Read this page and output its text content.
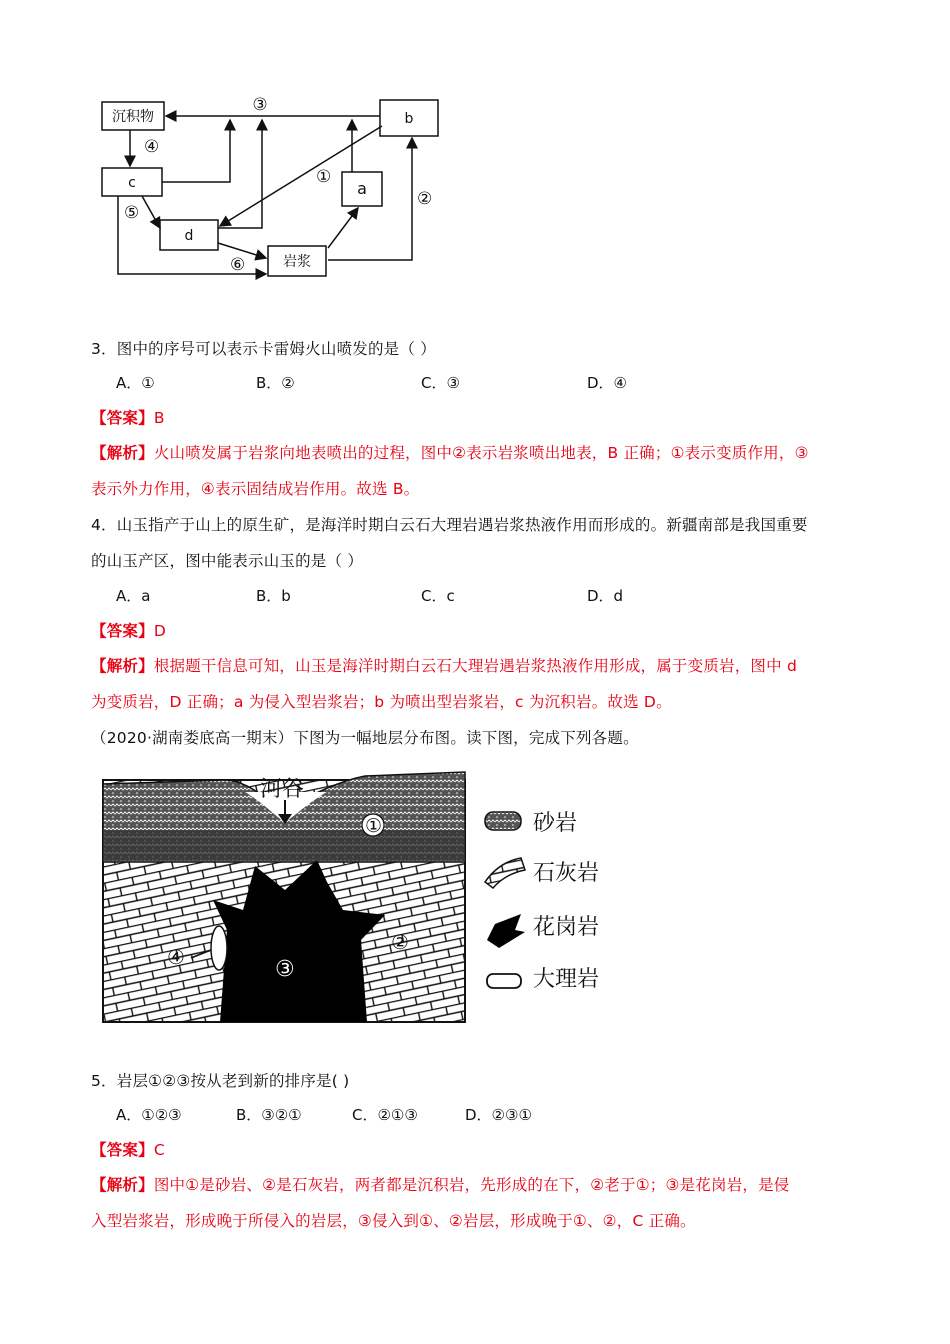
沉积物
c
d
岩浆
a
b
③
④
①
②
⑤
⑥
3．图中的序号可以表示卡雷姆火山喷发的是（ ）
A．①	B．②	C．③	D．④
【答案】B
【解析】火山喷发属于岩浆向地表喷出的过程，图中②表示岩浆喷出地表，B 正确；①表示变质作用，③
表示外力作用，④表示固结成岩作用。故选 B。
4．山玉指产于山上的原生矿，是海洋时期白云石大理岩遇岩浆热液作用而形成的。新疆南部是我国重要
的山玉产区，图中能表示山玉的是（ ）
A．a	B．b	C．c	D．d
【答案】D
【解析】根据题干信息可知，山玉是海洋时期白云石大理岩遇岩浆热液作用形成，属于变质岩，图中 d
为变质岩，D 正确；a 为侵入型岩浆岩；b 为喷出型岩浆岩，c 为沉积岩。故选 D。
（2020·湖南娄底高一期末）下图为一幅地层分布图。读下图，完成下列各题。
河谷
①
②
③
④
砂岩
石灰岩
花岗岩
大理岩
5．岩层①②③按从老到新的排序是( )
A．①②③	B．③②①	C．②①③	D．②③①
【答案】C
【解析】图中①是砂岩、②是石灰岩，两者都是沉积岩，先形成的在下，②老于①；③是花岗岩，是侵
入型岩浆岩，形成晚于所侵入的岩层，③侵入到①、②岩层，形成晚于①、②，C 正确。
